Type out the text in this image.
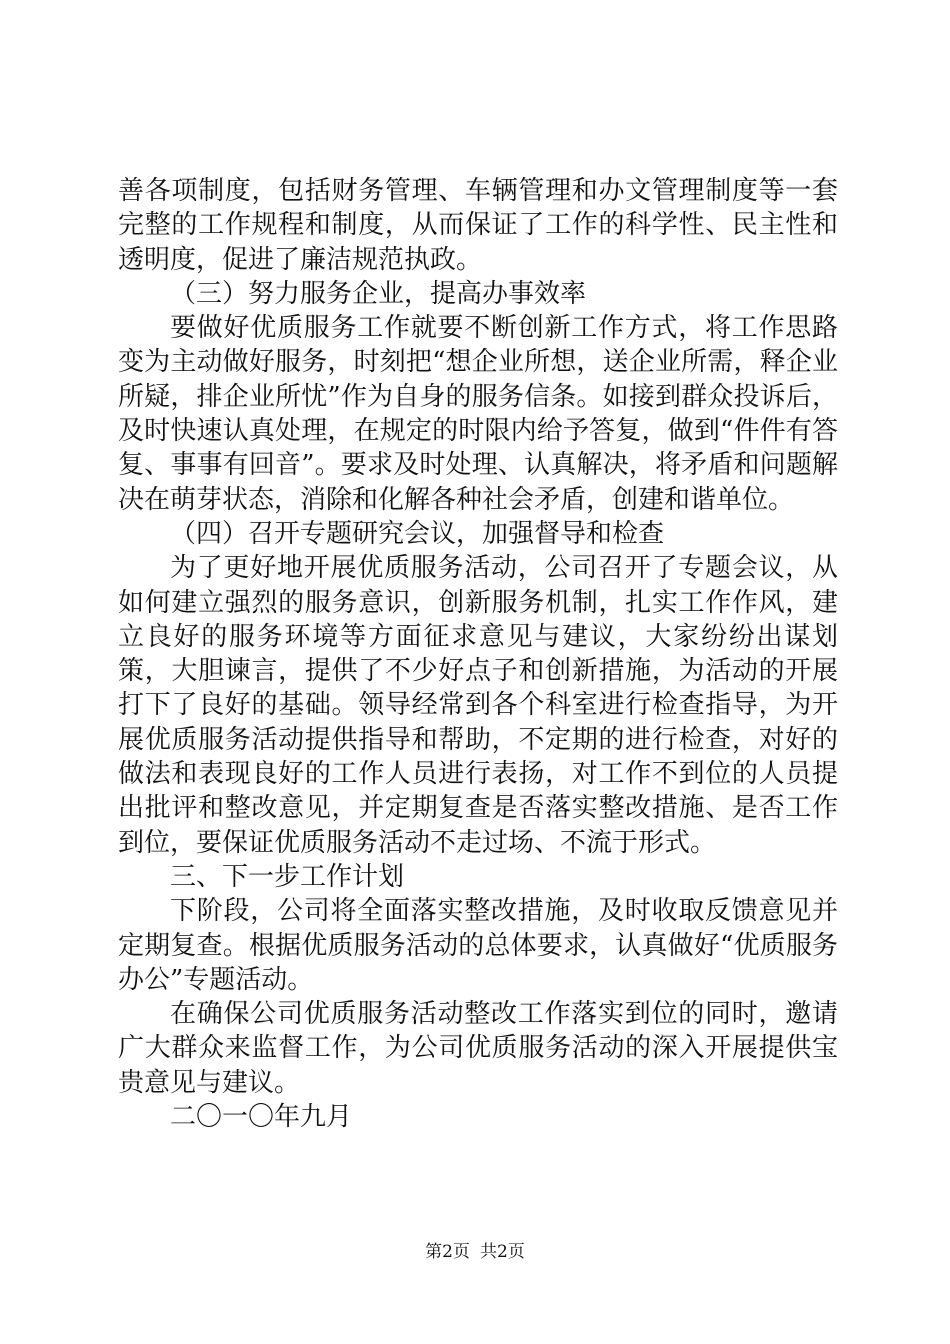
善各项制度，包括财务管理、车辆管理和办文管理制度等一套完整的工作规程和制度，从而保证了工作的科学性、民主性和透明度，促进了廉洁规范执政。

（三）努力服务企业，提高办事效率

要做好优质服务工作就要不断创新工作方式，将工作思路变为主动做好服务，时刻把“想企业所想，送企业所需，释企业所疑，排企业所忧”作为自身的服务信条。如接到群众投诉后，及时快速认真处理，在规定的时限内给予答复，做到“件件有答复、事事有回音”。要求及时处理、认真解决，将矛盾和问题解决在萌芽状态，消除和化解各种社会矛盾，创建和谐单位。

（四）召开专题研究会议，加强督导和检查

为了更好地开展优质服务活动，公司召开了专题会议，从如何建立强烈的服务意识，创新服务机制，扎实工作作风，建立良好的服务环境等方面征求意见与建议，大家纷纷出谋划策，大胆谏言，提供了不少好点子和创新措施，为活动的开展打下了良好的基础。领导经常到各个科室进行检查指导，为开展优质服务活动提供指导和帮助，不定期的进行检查，对好的做法和表现良好的工作人员进行表扬，对工作不到位的人员提出批评和整改意见，并定期复查是否落实整改措施、是否工作到位，要保证优质服务活动不走过场、不流于形式。

三、下一步工作计划

下阶段，公司将全面落实整改措施，及时收取反馈意见并定期复查。根据优质服务活动的总体要求，认真做好“优质服务办公”专题活动。

在确保公司优质服务活动整改工作落实到位的同时，邀请广大群众来监督工作，为公司优质服务活动的深入开展提供宝贵意见与建议。

二〇一〇年九月

第2页 共2页
